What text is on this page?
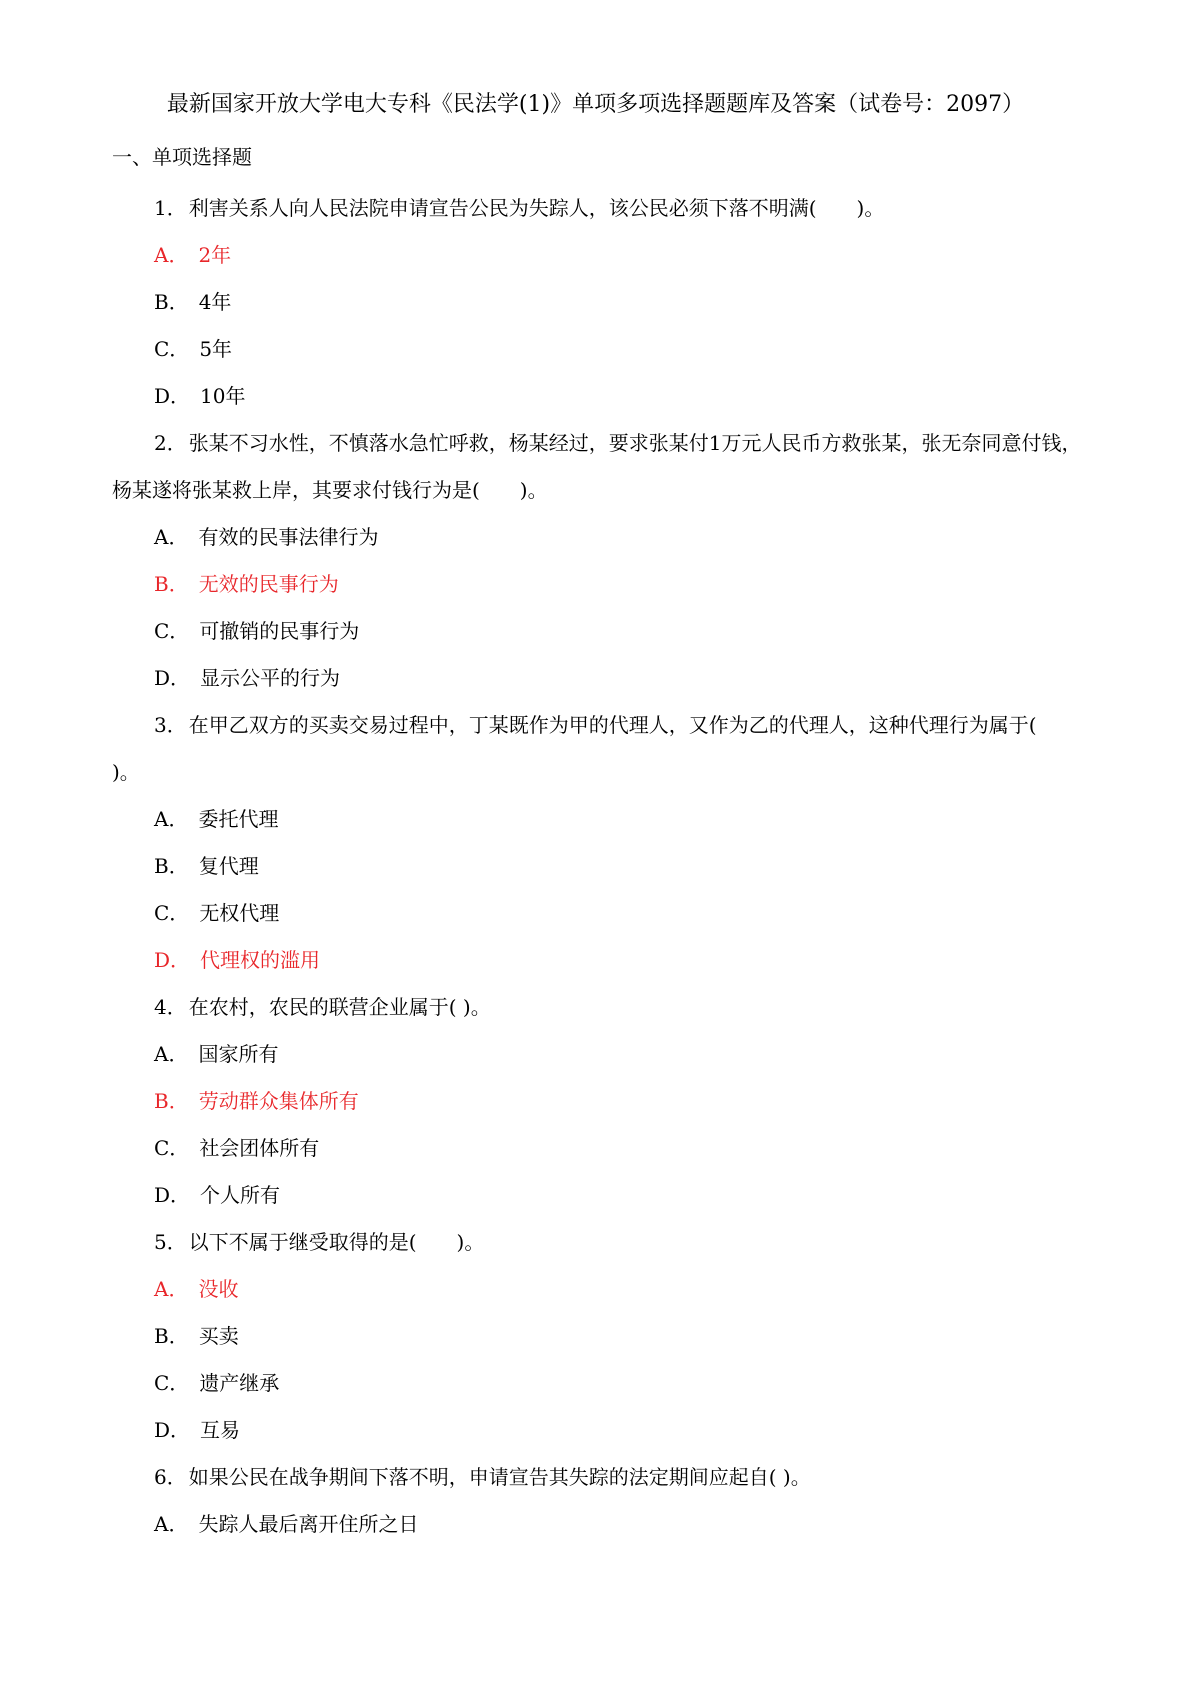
最新国家开放大学电大专科《民法学(1)》单项多项选择题题库及答案（试卷号：2097）
一、单项选择题

1． 利害关系人向人民法院申请宣告公民为失踪人，该公民必须下落不明满(　　)。

A． 2年

B． 4年

C． 5年

D． 10年

2． 张某不习水性，不慎落水急忙呼救，杨某经过，要求张某付1万元人民币方救张某，张无奈同意付钱，杨某遂将张某救上岸，其要求付钱行为是(　　)。

A． 有效的民事法律行为

B． 无效的民事行为

C． 可撤销的民事行为

D． 显示公平的行为

3． 在甲乙双方的买卖交易过程中，丁某既作为甲的代理人，又作为乙的代理人，这种代理行为属于(　　)。

A． 委托代理

B． 复代理

C． 无权代理

D． 代理权的滥用

4． 在农村，农民的联营企业属于( )。

A． 国家所有

B． 劳动群众集体所有

C． 社会团体所有

D． 个人所有

5． 以下不属于继受取得的是(　　)。

A． 没收

B． 买卖

C． 遗产继承

D． 互易

6． 如果公民在战争期间下落不明，申请宣告其失踪的法定期间应起自( )。

A． 失踪人最后离开住所之日
